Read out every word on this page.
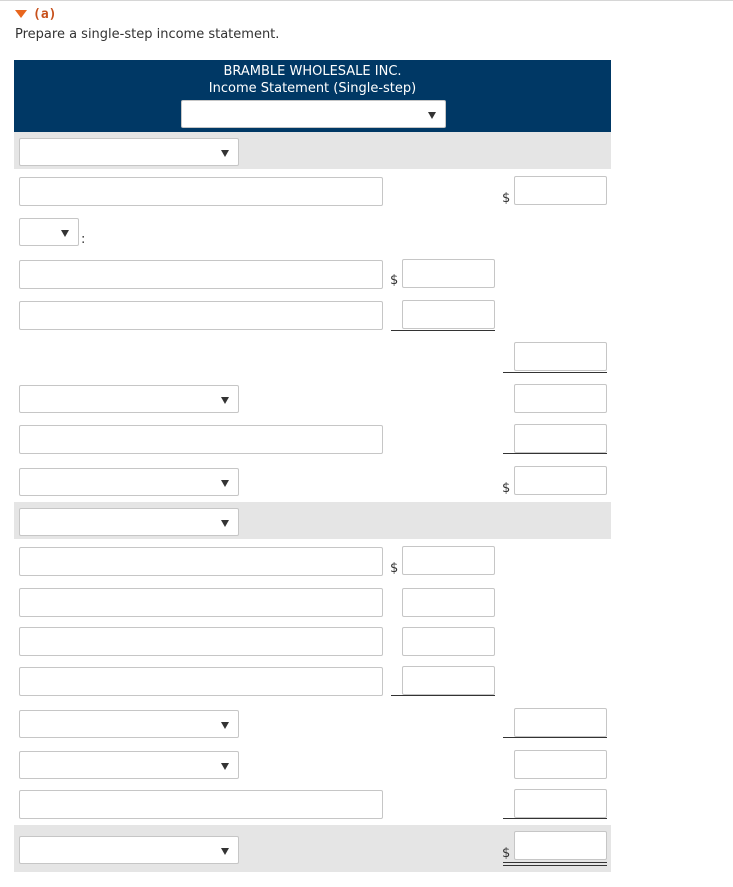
(a)
Prepare a single-step income statement.
BRAMBLE WHOLESALE INC.
Income Statement (Single-step)
$
:
$
$
$
$
